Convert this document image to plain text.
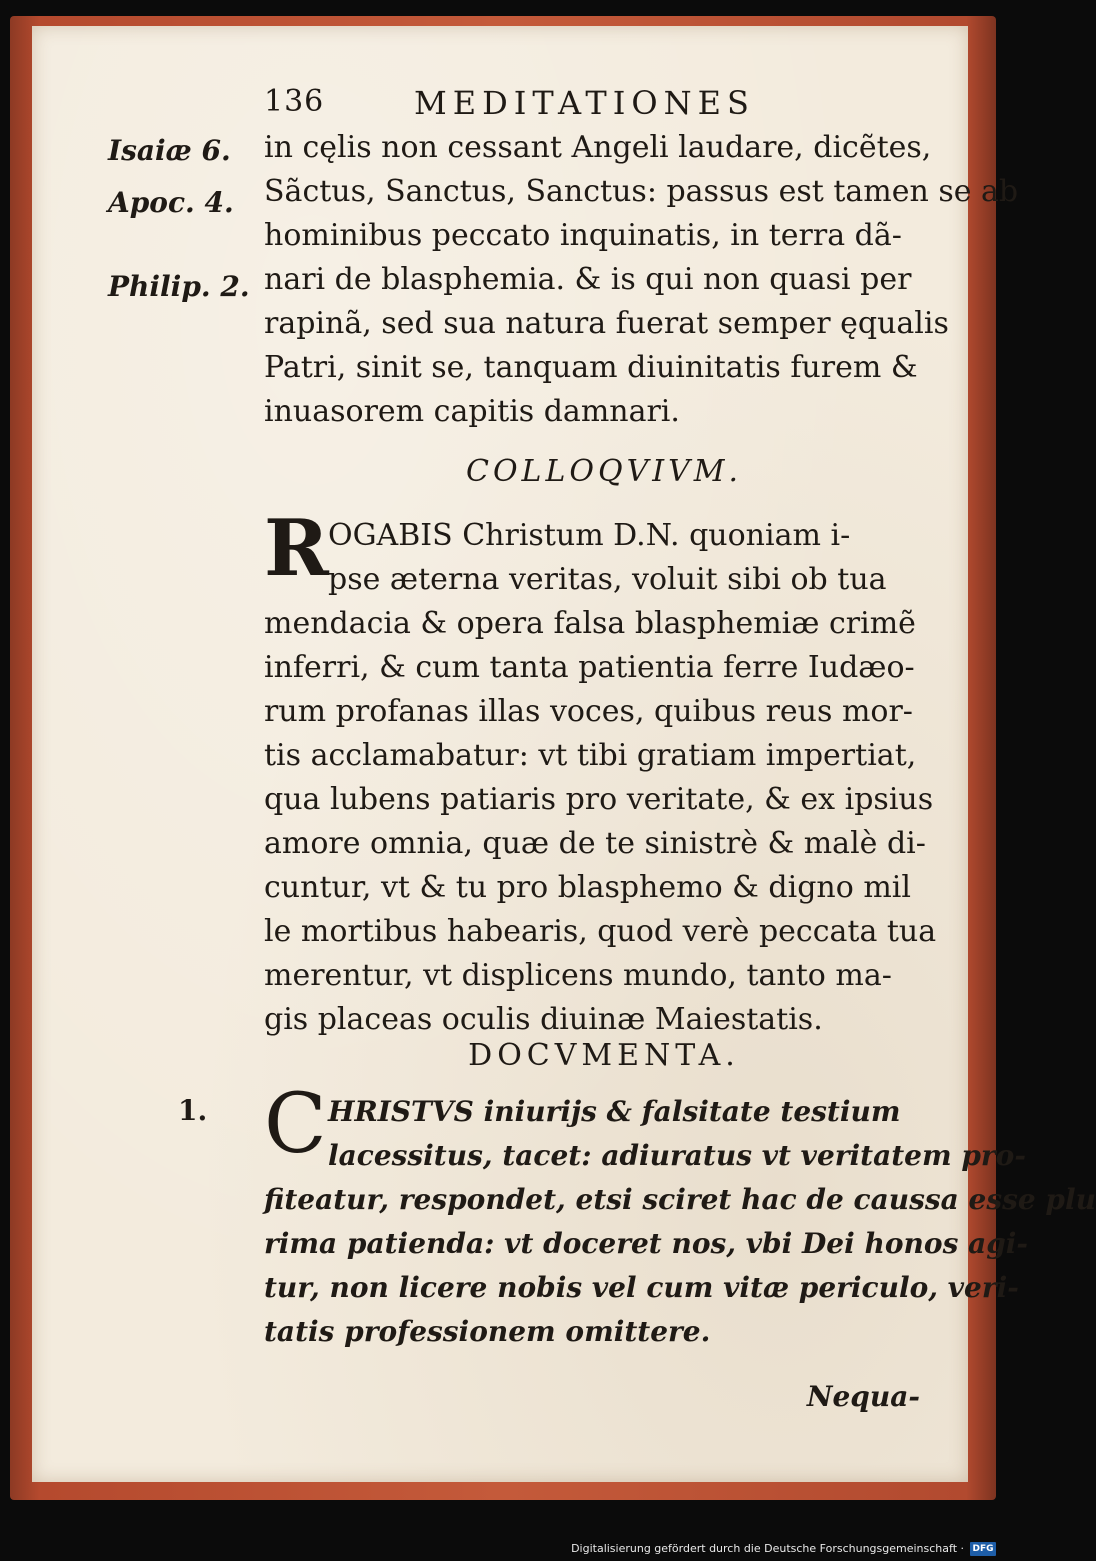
136	MEDITATIONES
Isaiæ 6.
Apoc. 4.
Philip. 2.
in cęlis non cessant Angeli laudare, dicẽtes,
Sãctus, Sanctus, Sanctus: passus est tamen se ab
hominibus peccato inquinatis, in terra dã-
nari de blasphemia. & is qui non quasi per
rapinã, sed sua natura fuerat semper ęqualis
Patri, sinit se, tanquam diuinitatis furem &
inuasorem capitis damnari.
COLLOQVIVM.
R OGABIS Christum D.N. quoniam i-
pse æterna veritas, voluit sibi ob tua
mendacia & opera falsa blasphemiæ crimẽ
inferri, & cum tanta patientia ferre Iudæo-
rum profanas illas voces, quibus reus mor-
tis acclamabatur: vt tibi gratiam impertiat,
qua lubens patiaris pro veritate, & ex ipsius
amore omnia, quæ de te sinistrè & malè di-
cuntur, vt & tu pro blasphemo & digno mil
le mortibus habearis, quod verè peccata tua
merentur, vt displicens mundo, tanto ma-
gis placeas oculis diuinæ Maiestatis.
DOCVMENTA.
1. C HRISTVS iniurijs & falsitate testium
lacessitus, tacet: adiuratus vt veritatem pro-
fiteatur, respondet, etsi sciret hac de caussa esse plu
rima patienda: vt doceret nos, vbi Dei honos agi-
tur, non licere nobis vel cum vitæ periculo, veri-
tatis professionem omittere.
Nequa-
Digitalisierung gefördert durch die Deutsche Forschungsgemeinschaft · DFG
